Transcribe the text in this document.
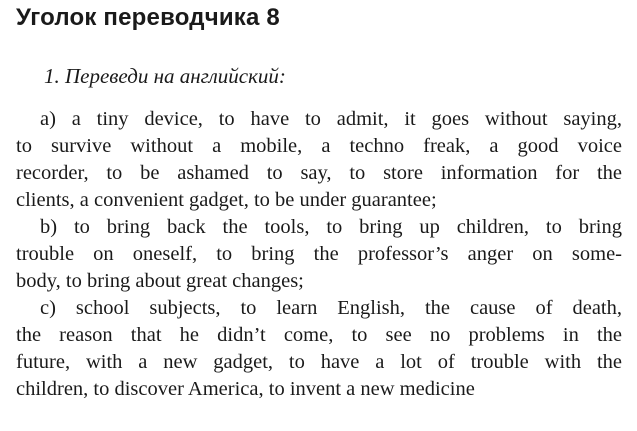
Уголок переводчика 8
1. Переведи на английский:
a) a tiny device, to have to admit, it goes without saying,
to survive without a mobile, a techno freak, a good voice
recorder, to be ashamed to say, to store information for the
clients, a convenient gadget, to be under guarantee;
b) to bring back the tools, to bring up children, to bring
trouble on oneself, to bring the professor’s anger on some-
body, to bring about great changes;
c) school subjects, to learn English, the cause of death,
the reason that he didn’t come, to see no problems in the
future, with a new gadget, to have a lot of trouble with the
children, to discover America, to invent a new medicine
